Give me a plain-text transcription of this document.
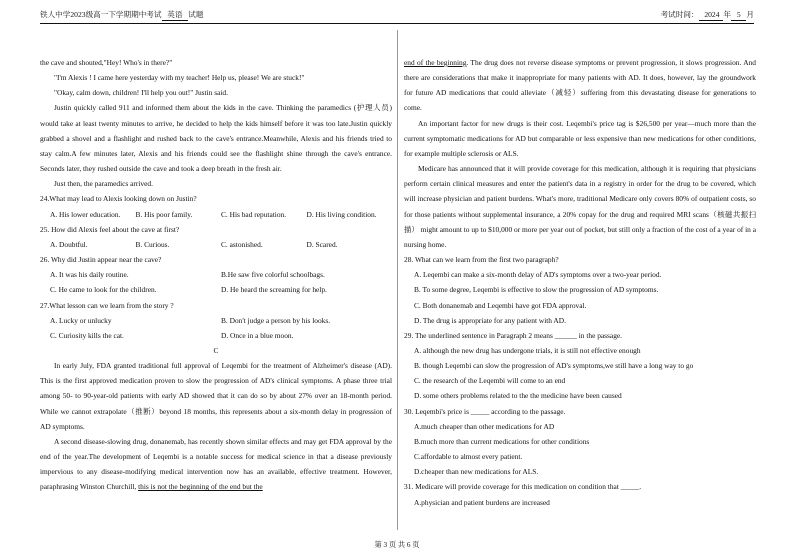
铁人中学2023级高一下学期期中考试 英语 试题	考试时间： 2024 年 5 月

the cave and shouted,"Hey! Who's in there?"

"I'm Alexis ! I came here yesterday with my teacher! Help us, please! We are stuck!"

"Okay, calm down, children! I'll help you out!" Justin said.

Justin quickly called 911 and informed them about the kids in the cave. Thinking the paramedics (护理人员) would take at least twenty minutes to arrive, he decided to help the kids himself before it was too late.Justin quickly grabbed a shovel and a flashlight and rushed back to the cave's entrance.Meanwhile, Alexis and his friends tried to stay calm.A few minutes later, Alexis and his friends could see the flashlight shine through the cave's entrance. Seconds later, they rushed outside the cave and took a deep breath in the fresh air.

Just then, the paramedics arrived.

24.What may lead to Alexis looking down on Justin?

A. His lower education.	B. His poor family.	C. His bad reputation.	D. His living condition.

25. How did Alexis feel about the cave at first?

A. Doubtful.	B. Curious.	C. astonished.	D. Scared.

26. Why did Justin appear near the cave?

A. It was his daily routine.	B.He saw five colorful schoolbags.
C. He came to look for the children.	D. He heard the screaming for help.

27.What lesson can we learn from the story ?

A. Lucky or unlucky	B. Don't judge a person by his looks.
C. Curiosity kills the cat.	D. Once in a blue moon.

C

In early July, FDA granted traditional full approval of Leqembi for the treatment of Alzheimer's disease (AD). This is the first approved medication proven to slow the progression of AD's clinical symptoms. A phase three trial among 50- to 90-year-old patients with early AD showed that it can do so by about 27% over an 18-month period. While we cannot extrapolate（推断）beyond 18 months, this represents about a six-month delay in progression of AD symptoms.

A second disease-slowing drug, donanemab, has recently shown similar effects and may get FDA approval by the end of the year.The development of Leqembi is a notable success for medical science in that a disease previously impervious to any disease-modifying medical intervention now has an available, effective treatment. However, paraphrasing Winston Churchill, this is not the beginning of the end but the

end of the beginning. The drug does not reverse disease symptoms or prevent progression, it slows progression. And there are considerations that make it inappropriate for many patients with AD. It does, however, lay the groundwork for future AD medications that could alleviate（减轻）suffering from this devastating disease for generations to come.

An important factor for new drugs is their cost. Leqembi's price tag is $26,500 per year—much more than the current symptomatic medications for AD but comparable or less expensive than new medications for other conditions, for example multiple sclerosis or ALS.

Medicare has announced that it will provide coverage for this medication, although it is requiring that physicians perform certain clinical measures and enter the patient's data in a registry in order for the drug to be covered, which will increase physician and patient burdens. What's more, traditional Medicare only covers 80% of outpatient costs, so for those patients without supplemental insurance, a 20% copay for the drug and required MRI scans（核磁共振扫描） might amount to up to $10,000 or more per year out of pocket, but still only a fraction of the cost of a year of in a nursing home.

28. What can we learn from the first two paragraph?

A. Leqembi can make a six-month delay of AD's symptoms over a two-year period.

B. To some degree, Leqembi is effective to slow the progression of AD symptoms.

C. Both donanemab and Leqembi have got FDA approval.

D. The drug is appropriate for any patient with AD.

29. The underlined sentence in Paragraph 2 means ______ in the passage.

A. although the new drug has undergone trials, it is still not effective enough

B. though Leqembi can slow the progression of AD's symptoms,we still have a long way to go

C. the research of the Leqembi will come to an end

D. some others problems related to the the medicine have been caused

30. Leqembi's price is _____ according to the passage.

A.much cheaper than other medications for AD

B.much more than current medications for other conditions

C.affordable to almost every patient.

D.cheaper than new medications for ALS.

31. Medicare will provide coverage for this medication on condition that _____.

A.physician and patient burdens are increased

第 3 页 共 6 页
